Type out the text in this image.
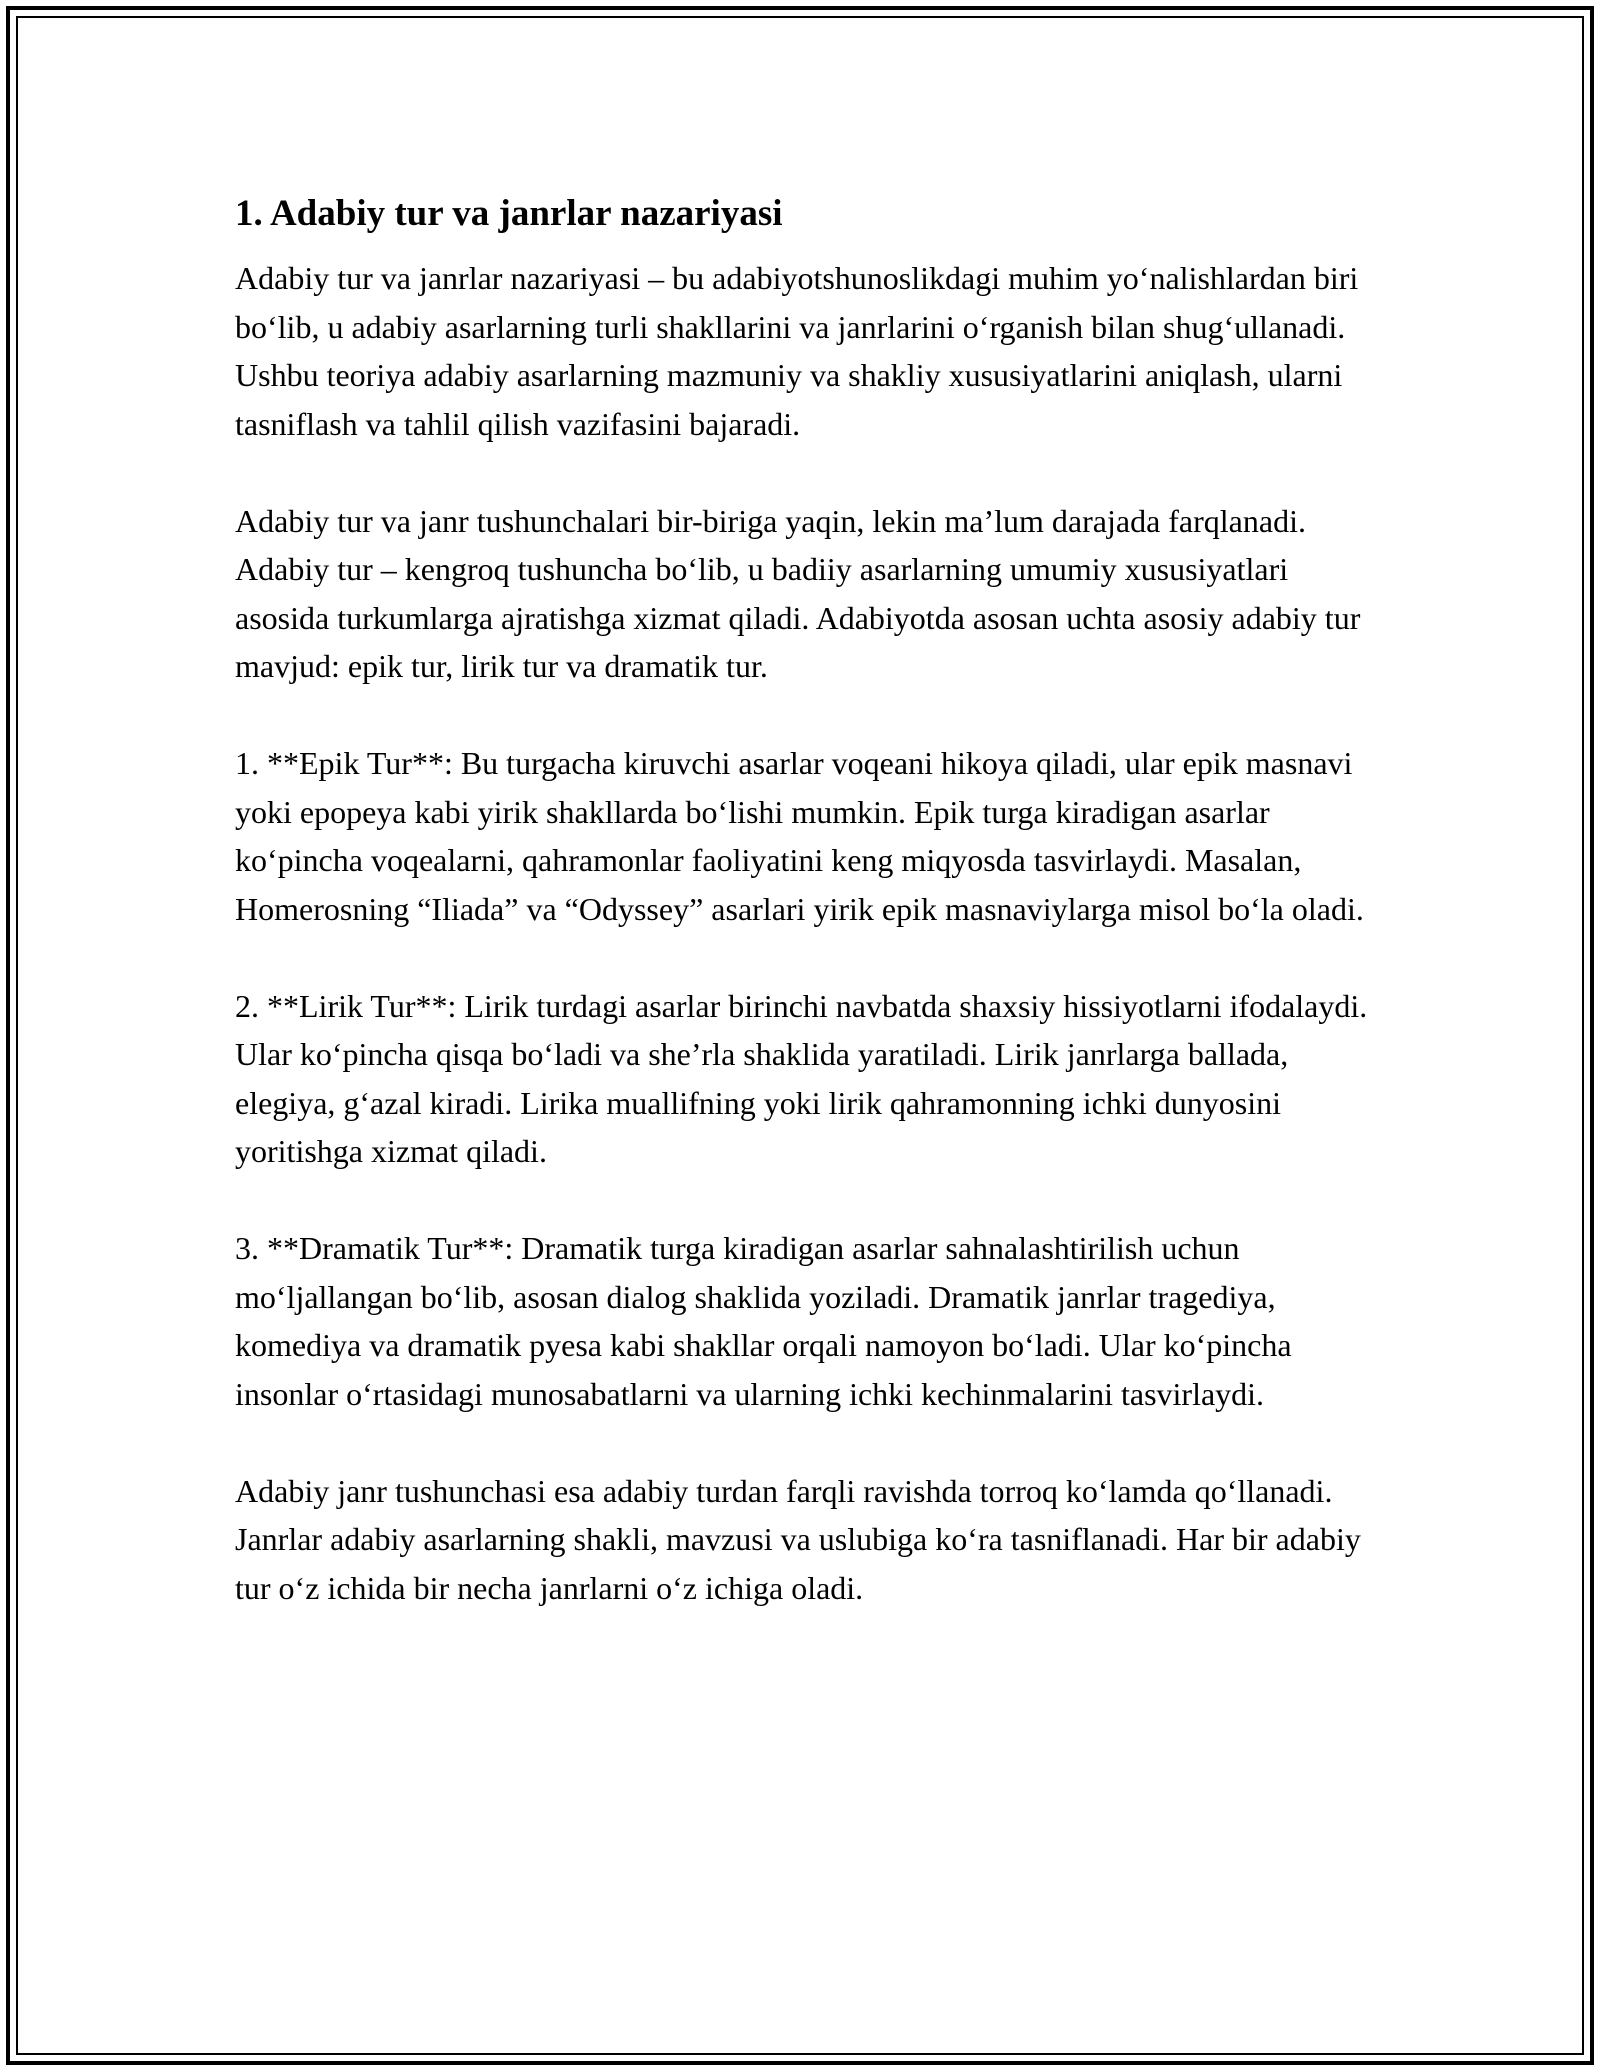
1. Adabiy tur va janrlar nazariyasi

Adabiy tur va janrlar nazariyasi – bu adabiyotshunoslikdagi muhim yoʻnalishlardan biri boʻlib, u adabiy asarlarning turli shakllarini va janrlarini oʻrganish bilan shugʻullanadi. Ushbu teoriya adabiy asarlarning mazmuniy va shakliy xususiyatlarini aniqlash, ularni tasniflash va tahlil qilish vazifasini bajaradi.

Adabiy tur va janr tushunchalari bir-biriga yaqin, lekin ma’lum darajada farqlanadi. Adabiy tur – kengroq tushuncha boʻlib, u badiiy asarlarning umumiy xususiyatlari asosida turkumlarga ajratishga xizmat qiladi. Adabiyotda asosan uchta asosiy adabiy tur mavjud: epik tur, lirik tur va dramatik tur.

1. **Epik Tur**: Bu turgacha kiruvchi asarlar voqeani hikoya qiladi, ular epik masnavi yoki epopeya kabi yirik shakllarda boʻlishi mumkin. Epik turga kiradigan asarlar koʻpincha voqealarni, qahramonlar faoliyatini keng miqyosda tasvirlaydi. Masalan, Homerosning “Iliada” va “Odyssey” asarlari yirik epik masnaviylarga misol boʻla oladi.

2. **Lirik Tur**: Lirik turdagi asarlar birinchi navbatda shaxsiy hissiyotlarni ifodalaydi. Ular koʻpincha qisqa boʻladi va she’rla shaklida yaratiladi. Lirik janrlarga ballada, elegiya, gʻazal kiradi. Lirika muallifning yoki lirik qahramonning ichki dunyosini yoritishga xizmat qiladi.

3. **Dramatik Tur**: Dramatik turga kiradigan asarlar sahnalashtirilish uchun moʻljallangan boʻlib, asosan dialog shaklida yoziladi. Dramatik janrlar tragediya, komediya va dramatik pyesa kabi shakllar orqali namoyon boʻladi. Ular koʻpincha insonlar oʻrtasidagi munosabatlarni va ularning ichki kechinmalarini tasvirlaydi.

Adabiy janr tushunchasi esa adabiy turdan farqli ravishda torroq koʻlamda qoʻllanadi. Janrlar adabiy asarlarning shakli, mavzusi va uslubiga koʻra tasniflanadi. Har bir adabiy tur oʻz ichida bir necha janrlarni oʻz ichiga oladi.
